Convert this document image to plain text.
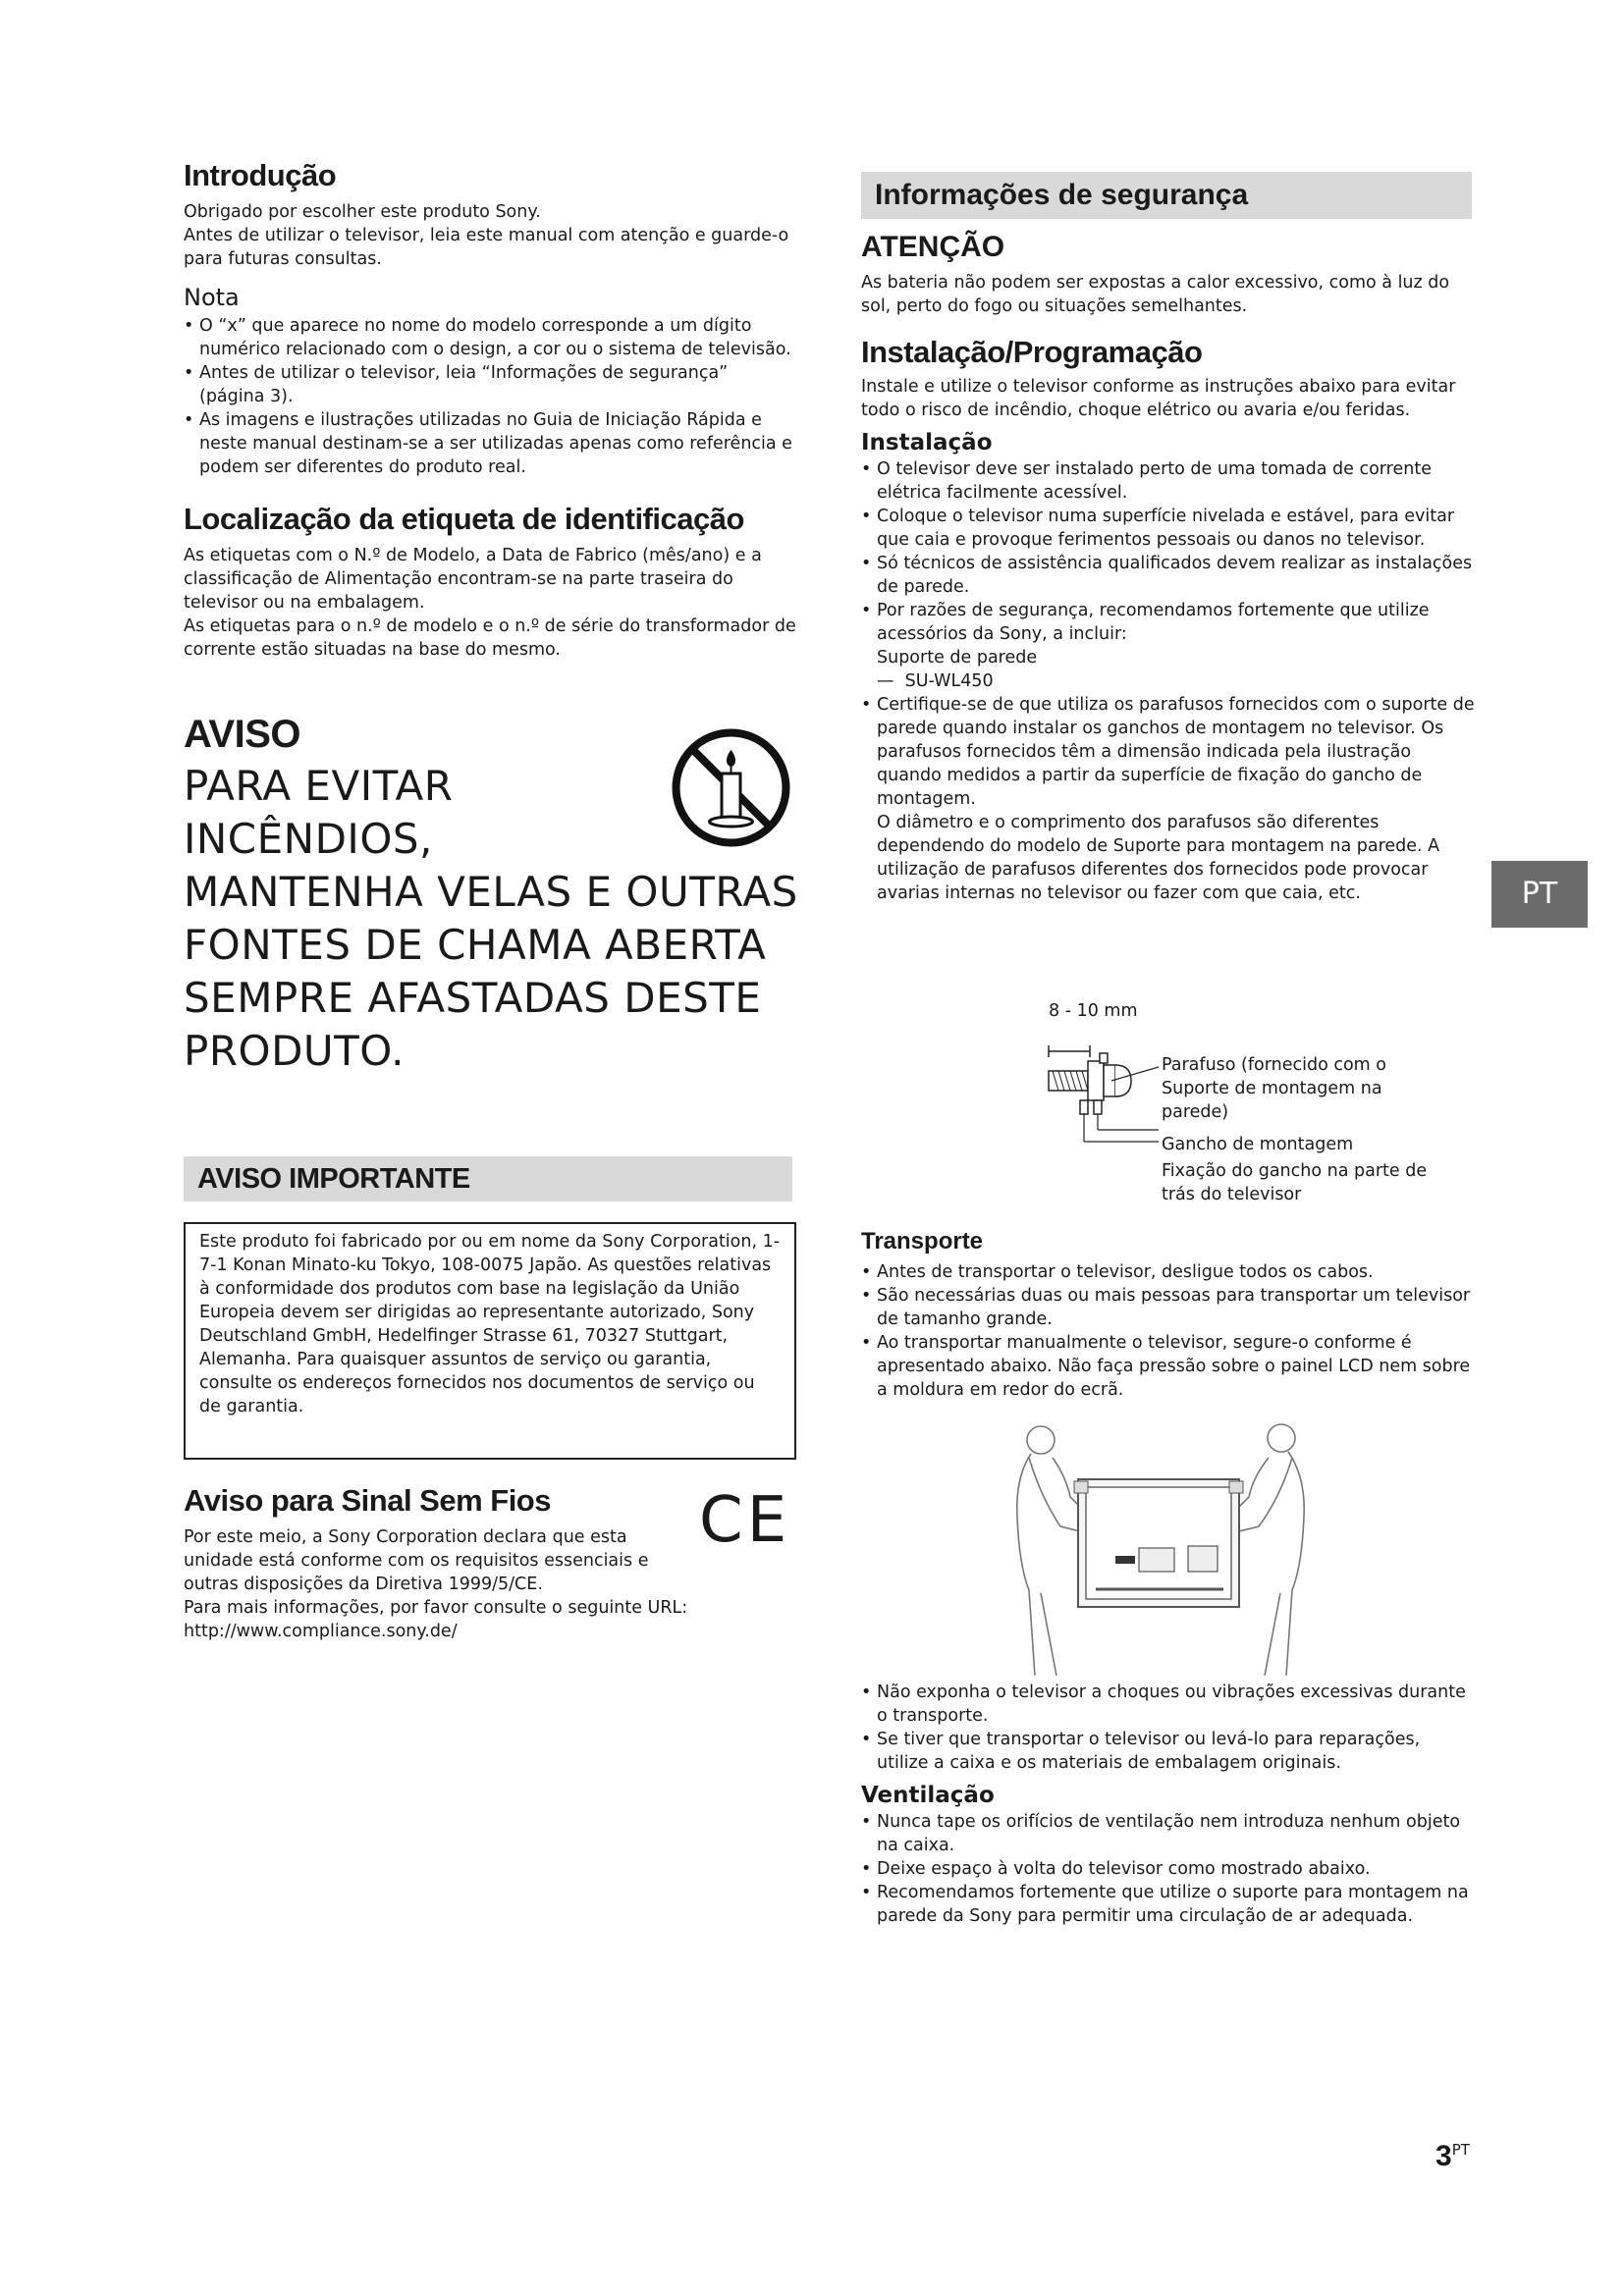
Introdução

Obrigado por escolher este produto Sony.

Antes de utilizar o televisor, leia este manual com atenção e guarde-o para futuras consultas.

Nota
• O “x” que aparece no nome do modelo corresponde a um dígito numérico relacionado com o design, a cor ou o sistema de televisão.
• Antes de utilizar o televisor, leia “Informações de segurança” (página 3).
• As imagens e ilustrações utilizadas no Guia de Iniciação Rápida e neste manual destinam-se a ser utilizadas apenas como referência e podem ser diferentes do produto real.
Localização da etiqueta de identificação

As etiquetas com o N.º de Modelo, a Data de Fabrico (mês/ano) e a classificação de Alimentação encontram-se na parte traseira do televisor ou na embalagem.

As etiquetas para o n.º de modelo e o n.º de série do transformador de corrente estão situadas na base do mesmo.

AVISO
PARA EVITAR
INCÊNDIOS,
MANTENHA VELAS E OUTRAS
FONTES DE CHAMA ABERTA
SEMPRE AFASTADAS DESTE
PRODUTO.
AVISO IMPORTANTE

Este produto foi fabricado por ou em nome da Sony Corporation, 1-7-1 Konan Minato-ku Tokyo, 108-0075 Japão. As questões relativas à conformidade dos produtos com base na legislação da União Europeia devem ser dirigidas ao representante autorizado, Sony Deutschland GmbH, Hedelfinger Strasse 61, 70327 Stuttgart, Alemanha. Para quaisquer assuntos de serviço ou garantia, consulte os endereços fornecidos nos documentos de serviço ou de garantia.

Aviso para Sinal Sem Fios

Por este meio, a Sony Corporation declara que esta unidade está conforme com os requisitos essenciais e outras disposições da Diretiva 1999/5/CE.

Para mais informações, por favor consulte o seguinte URL:

http://www.compliance.sony.de/

CE
Informações de segurança
ATENÇÃO

As bateria não podem ser expostas a calor excessivo, como à luz do sol, perto do fogo ou situações semelhantes.

Instalação/Programação

Instale e utilize o televisor conforme as instruções abaixo para evitar todo o risco de incêndio, choque elétrico ou avaria e/ou feridas.

Instalação
• O televisor deve ser instalado perto de uma tomada de corrente elétrica facilmente acessível.
• Coloque o televisor numa superfície nivelada e estável, para evitar que caia e provoque ferimentos pessoais ou danos no televisor.
• Só técnicos de assistência qualificados devem realizar as instalações de parede.
• Por razões de segurança, recomendamos fortemente que utilize acessórios da Sony, a incluir:

Suporte de parede

—  SU-WL450

• Certifique-se de que utiliza os parafusos fornecidos com o suporte de parede quando instalar os ganchos de montagem no televisor. Os parafusos fornecidos têm a dimensão indicada pela ilustração quando medidos a partir da superfície de fixação do gancho de montagem.

O diâmetro e o comprimento dos parafusos são diferentes dependendo do modelo de Suporte para montagem na parede. A utilização de parafusos diferentes dos fornecidos pode provocar avarias internas no televisor ou fazer com que caia, etc.

8 - 10 mm
Parafuso (fornecido com o Suporte de montagem na parede)
Gancho de montagem
Fixação do gancho na parte de trás do televisor
Transporte
• Antes de transportar o televisor, desligue todos os cabos.
• São necessárias duas ou mais pessoas para transportar um televisor de tamanho grande.
• Ao transportar manualmente o televisor, segure-o conforme é apresentado abaixo. Não faça pressão sobre o painel LCD nem sobre a moldura em redor do ecrã.
• Não exponha o televisor a choques ou vibrações excessivas durante o transporte.
• Se tiver que transportar o televisor ou levá-lo para reparações, utilize a caixa e os materiais de embalagem originais.
Ventilação
• Nunca tape os orifícios de ventilação nem introduza nenhum objeto na caixa.
• Deixe espaço à volta do televisor como mostrado abaixo.
• Recomendamos fortemente que utilize o suporte para montagem na parede da Sony para permitir uma circulação de ar adequada.
PT
$3^{PT}$
